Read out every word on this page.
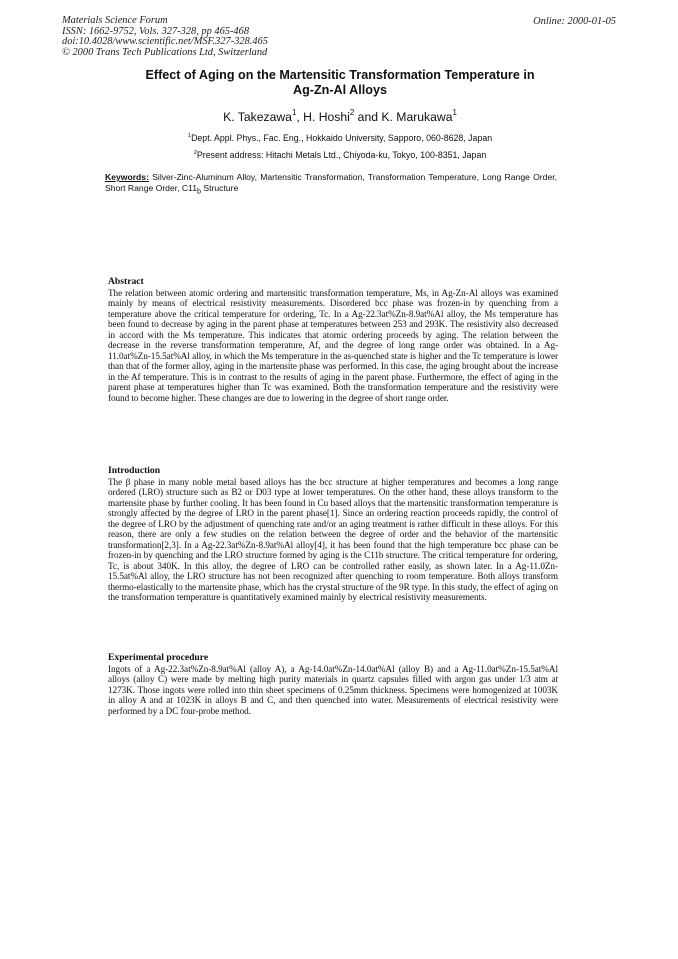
Materials Science Forum
ISSN: 1662-9752, Vols. 327-328, pp 465-468
doi:10.4028/www.scientific.net/MSF.327-328.465
© 2000 Trans Tech Publications Ltd, Switzerland
Online: 2000-01-05
Effect of Aging on the Martensitic Transformation Temperature in
Ag-Zn-Al Alloys
K. Takezawa$^1$, H. Hoshi$^2$ and K. Marukawa$^1$
$^1$Dept. Appl. Phys., Fac. Eng., Hokkaido University, Sapporo, 060-8628, Japan
$^2$Present address: Hitachi Metals Ltd., Chiyoda-ku, Tokyo, 100-8351, Japan
Keywords: Silver-Zinc-Aluminum Alloy, Martensitic Transformation, Transformation Temperature, Long Range Order, Short Range Order, $C11_b$ Structure
Abstract

The relation between atomic ordering and martensitic transformation temperature, Ms, in Ag-Zn-Al alloys was examined mainly by means of electrical resistivity measurements. Disordered bcc phase was frozen-in by quenching from a temperature above the critical temperature for ordering, Tc. In a Ag-22.3at%Zn-8.9at%Al alloy, the Ms temperature has been found to decrease by aging in the parent phase at temperatures between 253 and 293K. The resistivity also decreased in accord with the Ms temperature. This indicates that atomic ordering proceeds by aging. The relation between the decrease in the reverse transformation temperature, Af, and the degree of long range order was obtained. In a Ag-11.0at%Zn-15.5at%Al alloy, in which the Ms temperature in the as-quenched state is higher and the Tc temperature is lower than that of the former alloy, aging in the martensite phase was performed. In this case, the aging brought about the increase in the Af temperature. This is in contrast to the results of aging in the parent phase. Furthermore, the effect of aging in the parent phase at temperatures higher than Tc was examined. Both the transformation temperature and the resistivity were found to become higher. These changes are due to lowering in the degree of short range order.

Introduction

The β phase in many noble metal based alloys has the bcc structure at higher temperatures and becomes a long range ordered (LRO) structure such as B2 or D03 type at lower temperatures. On the other hand, these alloys transform to the martensite phase by further cooling. It has been found in Cu based alloys that the martensitic transformation temperature is strongly affected by the degree of LRO in the parent phase[1]. Since an ordering reaction proceeds rapidly, the control of the degree of LRO by the adjustment of quenching rate and/or an aging treatment is rather difficult in these alloys. For this reason, there are only a few studies on the relation between the degree of order and the behavior of the martensitic transformation[2,3]. In a Ag-22.3at%Zn-8.9at%Al alloy[4], it has been found that the high temperature bcc phase can be frozen-in by quenching and the LRO structure formed by aging is the C11b structure. The critical temperature for ordering, Tc, is about 340K. In this alloy, the degree of LRO can be controlled rather easily, as shown later. In a Ag-11.0Zn-15.5at%Al alloy, the LRO structure has not been recognized after quenching to room temperature. Both alloys transform thermo-elastically to the martensite phase, which has the crystal structure of the 9R type. In this study, the effect of aging on the transformation temperature is quantitatively examined mainly by electrical resistivity measurements.

Experimental procedure

Ingots of a Ag-22.3at%Zn-8.9at%Al (alloy A), a Ag-14.0at%Zn-14.0at%Al (alloy B) and a Ag-11.0at%Zn-15.5at%Al alloys (alloy C) were made by melting high purity materials in quartz capsules filled with argon gas under 1/3 atm at 1273K. Those ingots were rolled into thin sheet specimens of 0.25mm thickness. Specimens were homogenized at 1003K in alloy A and at 1023K in alloys B and C, and then quenched into water. Measurements of electrical resistivity were performed by a DC four-probe method.
